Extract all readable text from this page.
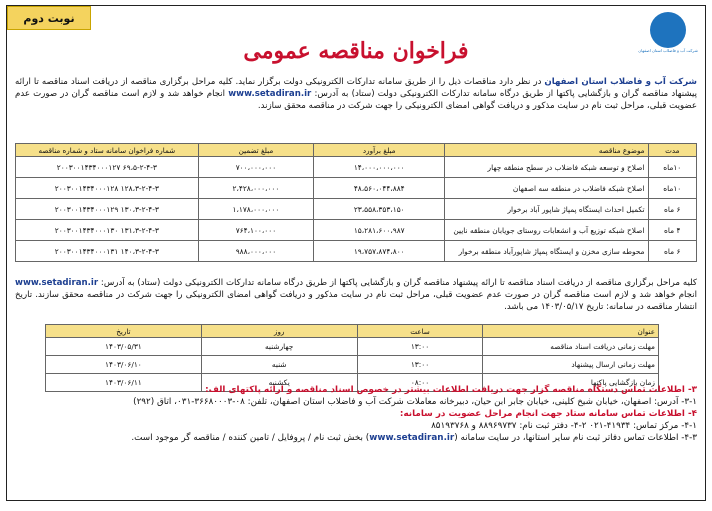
نوبت دوم
شرکت آب و فاضلاب استان اصفهان
فراخوان مناقصه عمومی
شرکت آب و فاضلاب استان اصفهان در نظر دارد مناقصات ذیل را از طریق سامانه تدارکات الکترونیکی دولت برگزار نماید. کلیه مراحل برگزاری مناقصه از دریافت اسناد مناقصه تا ارائه پیشنهاد مناقصه گران و بازگشایی پاکتها از طریق درگاه سامانه تدارکات الکترونیکی دولت (ستاد) به آدرس: www.setadiran.ir انجام خواهد شد و لازم است مناقصه گران در صورت عدم عضویت قبلی، مراحل ثبت نام در سایت مذکور و دریافت گواهی امضای الکترونیکی را جهت شرکت در مناقصه محقق سازند.
مدت	موضوع مناقصه	مبلغ برآورد	مبلغ تضمین	شماره فراخوان سامانه ستاد و شماره مناقصه
۱۰ماه	اصلاح و توسعه شبکه فاضلاب در سطح منطقه چهار	۱۴،۰۰۰،۰۰۰،۰۰۰	۷۰۰،۰۰۰،۰۰۰	۶۹،۵-۲-۴-۳ ۲۰۰۳۰۰۱۴۳۴۰۰۰۱۲۷
۱۰ماه	اصلاح شبکه فاضلاب در منطقه سه اصفهان	۴۸،۵۶۰،۰۴۴،۸۸۴	۲،۴۲۸،۰۰۰،۰۰۰	۱۲۸،۳-۲-۴-۳ ۲۰۰۳۰۰۱۴۳۴۰۰۰۱۲۸
۶ ماه	تکمیل احداث ایستگاه پمپاژ شاپور آباد برخوار	۲۳،۵۵۸،۳۵۳،۱۵۰	۱،۱۷۸،۰۰۰،۰۰۰	۱۳۰،۳-۲-۴-۳ ۲۰۰۳۰۰۱۴۳۴۰۰۰۱۲۹
۴ ماه	اصلاح شبکه توزیع آب و انشعابات روستای جویابان منطقه نایین	۱۵،۲۸۱،۶۰۰،۹۸۷	۷۶۴،۱۰۰،۰۰۰	۱۳۱،۳-۲-۴-۳ ۲۰۰۳۰۰۱۴۳۴۰۰۰۱۳۰
۶ ماه	محوطه سازی مخزن و ایستگاه پمپاژ شاپورآباد منطقه برخوار	۱۹،۷۵۷،۸۷۴،۸۰۰	۹۸۸،۰۰۰،۰۰۰	۱۴۰،۳-۲-۴-۳ ۲۰۰۳۰۰۱۴۳۴۰۰۰۱۳۱
کلیه مراحل برگزاری مناقصه از دریافت اسناد مناقصه تا ارائه پیشنهاد مناقصه گران و بازگشایی پاکتها از طریق درگاه سامانه تدارکات الکترونیکی دولت (ستاد) به آدرس: www.setadiran.ir انجام خواهد شد و لازم است مناقصه گران در صورت عدم عضویت قبلی، مراحل ثبت نام در سایت مذکور و دریافت گواهی امضای الکترونیکی را جهت شرکت در مناقصه محقق سازند. تاریخ انتشار مناقصه در سامانه: تاریخ ۱۴۰۳/۰۵/۱۷ می باشد.
عنوان	ساعت	روز	تاریخ
مهلت زمانی دریافت اسناد مناقصه	۱۳:۰۰	چهارشنبه	۱۴۰۳/۰۵/۳۱
مهلت زمانی ارسال پیشنهاد	۱۳:۰۰	شنبه	۱۴۰۳/۰۶/۱۰
زمان بازگشایی پاکتها	۰۸:۰۰	یکشنبه	۱۴۰۳/۰۶/۱۱
۳- اطلاعات تماس دستگاه مناقصه گزار جهت دریافت اطلاعات بیشتر در خصوص اسناد مناقصه و ارائه پاکتهای الف:
۳-۱- آدرس: اصفهان، خیابان شیخ کلینی، خیابان جابر ابن حیان، دبیرخانه معاملات شرکت آب و فاضلاب استان اصفهان، تلفن: ۰۸-۳۶۶۸۰۰۰۳-۰۳۱، اتاق (۲۹۲)
۴- اطلاعات تماس سامانه ستاد جهت انجام مراحل عضویت در سامانه:
۴-۱- مرکز تماس: ۴۱۹۳۴-۰۲۱ ۲-۴- دفتر ثبت نام: ۸۸۹۶۹۷۳۷ و ۸۵۱۹۳۷۶۸
۴-۳- اطلاعات تماس دفاتر ثبت نام سایر استانها، در سایت سامانه (www.setadiran.ir) بخش ثبت نام / پروفایل / تامین کننده / مناقصه گر موجود است.
